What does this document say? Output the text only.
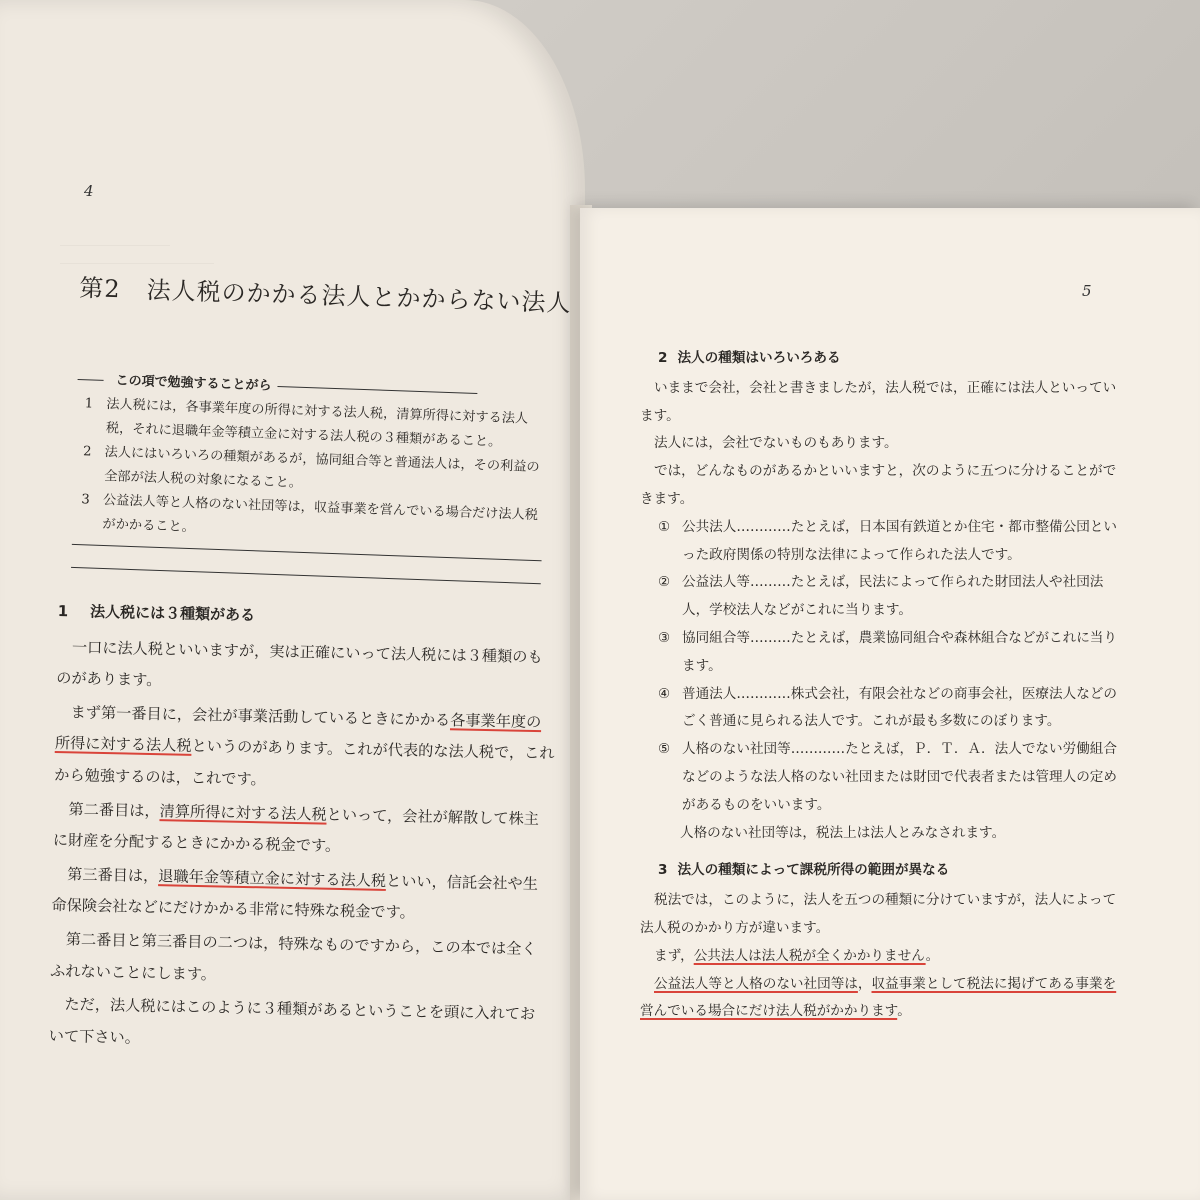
＿＿＿＿＿＿＿＿＿＿
＿＿＿＿＿＿＿＿＿＿＿＿＿＿
4
第2 法人税のかかる法人とかからない法人
この項で勉強することがら
1　 法人税には，各事業年度の所得に対する法人税，清算所得に対する法人税，それに退職年金等積立金に対する法人税の３種類があること。
2　 法人にはいろいろの種類があるが，協同組合等と普通法人は，その利益の全部が法人税の対象になること。
3　 公益法人等と人格のない社団等は，収益事業を営んでいる場合だけ法人税がかかること。
1 法人税には３種類がある

一口に法人税といいますが，実は正確にいって法人税には３種類のものがあります。

まず第一番目に，会社が事業活動しているときにかかる各事業年度の所得に対する法人税というのがあります。これが代表的な法人税で，これから勉強するのは，これです。

第二番目は，清算所得に対する法人税といって，会社が解散して株主に財産を分配するときにかかる税金です。

第三番目は，退職年金等積立金に対する法人税といい，信託会社や生命保険会社などにだけかかる非常に特殊な税金です。

第二番目と第三番目の二つは，特殊なものですから，この本では全くふれないことにします。

ただ，法人税にはこのように３種類があるということを頭に入れておいて下さい。

5
2 法人の種類はいろいろある

いままで会社，会社と書きましたが，法人税では，正確には法人といっています。

法人には，会社でないものもあります。

では，どんなものがあるかといいますと，次のように五つに分けることができます。

① 公共法人…………たとえば，日本国有鉄道とか住宅・都市整備公団といった政府関係の特別な法律によって作られた法人です。
② 公益法人等………たとえば，民法によって作られた財団法人や社団法人，学校法人などがこれに当ります。
③ 協同組合等………たとえば，農業協同組合や森林組合などがこれに当ります。
④ 普通法人…………株式会社，有限会社などの商事会社，医療法人などのごく普通に見られる法人です。これが最も多数にのぼります。
⑤ 人格のない社団等…………たとえば，Ｐ．Ｔ．Ａ．法人でない労働組合などのような法人格のない社団または財団で代表者または管理人の定めがあるものをいいます。

人格のない社団等は，税法上は法人とみなされます。

3 法人の種類によって課税所得の範囲が異なる

税法では，このように，法人を五つの種類に分けていますが，法人によって法人税のかかり方が違います。

まず，公共法人は法人税が全くかかりません。

公益法人等と人格のない社団等は，収益事業として税法に掲げてある事業を営んでいる場合にだけ法人税がかかります。
